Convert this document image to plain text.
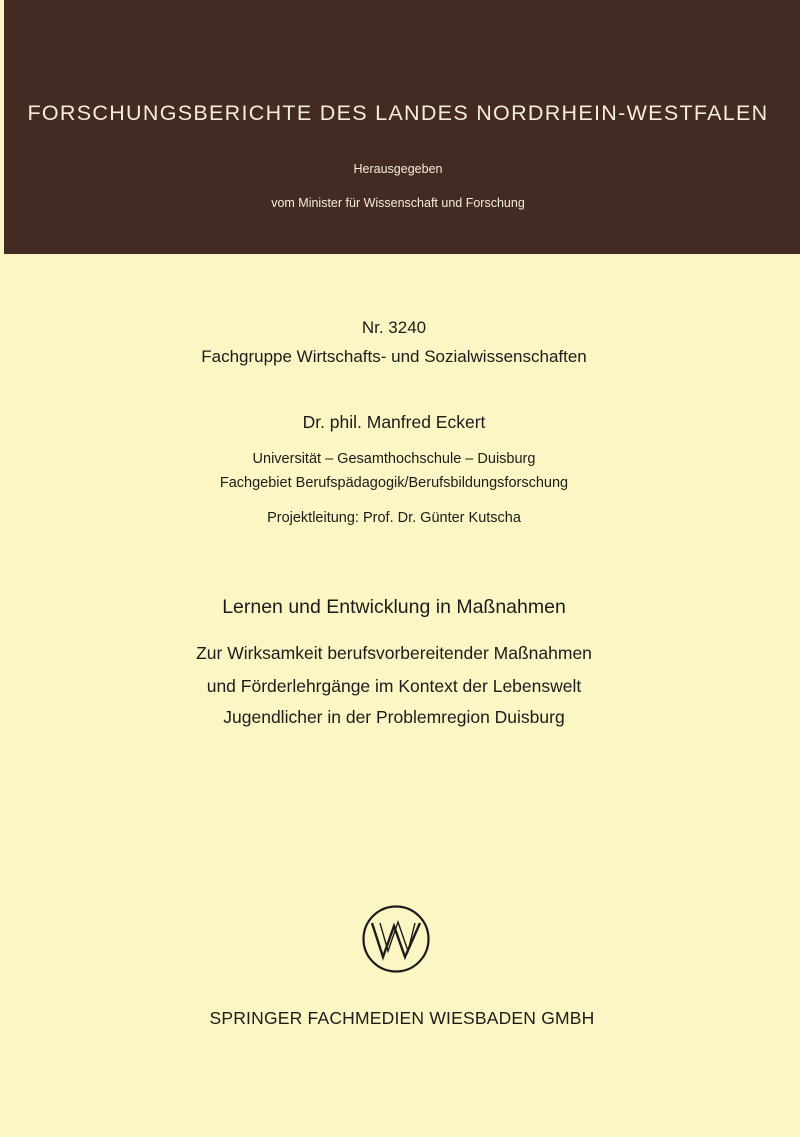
FORSCHUNGSBERICHTE DES LANDES NORDRHEIN-WESTFALEN
Herausgegeben
vom Minister für Wissenschaft und Forschung
Nr. 3240
Fachgruppe Wirtschafts- und Sozialwissenschaften
Dr. phil. Manfred Eckert
Universität – Gesamthochschule – Duisburg
Fachgebiet Berufspädagogik/Berufsbildungsforschung
Projektleitung: Prof. Dr. Günter Kutscha
Lernen und Entwicklung in Maßnahmen
Zur Wirksamkeit berufsvorbereitender Maßnahmen
und Förderlehrgänge im Kontext der Lebenswelt
Jugendlicher in der Problemregion Duisburg
SPRINGER FACHMEDIEN WIESBADEN GMBH
